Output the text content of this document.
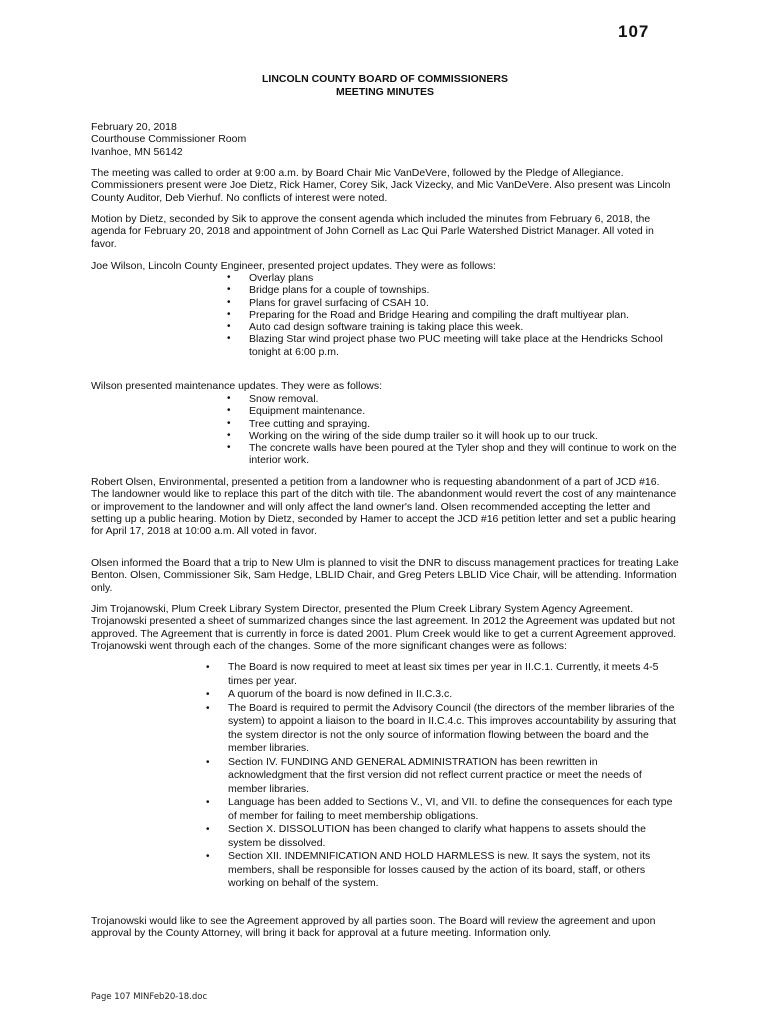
107
LINCOLN COUNTY BOARD OF COMMISSIONERS
MEETING MINUTES

February 20, 2018

Courthouse Commissioner Room

Ivanhoe, MN 56142

The meeting was called to order at 9:00 a.m. by Board Chair Mic VanDeVere, followed by the Pledge of Allegiance. Commissioners present were Joe Dietz, Rick Hamer, Corey Sik, Jack Vizecky, and Mic VanDeVere. Also present was Lincoln County Auditor, Deb Vierhuf. No conflicts of interest were noted.

Motion by Dietz, seconded by Sik to approve the consent agenda which included the minutes from February 6, 2018, the agenda for February 20, 2018 and appointment of John Cornell as Lac Qui Parle Watershed District Manager. All voted in favor.

Joe Wilson, Lincoln County Engineer, presented project updates. They were as follows:

• Overlay plans
• Bridge plans for a couple of townships.
• Plans for gravel surfacing of CSAH 10.
• Preparing for the Road and Bridge Hearing and compiling the draft multiyear plan.
• Auto cad design software training is taking place this week.
• Blazing Star wind project phase two PUC meeting will take place at the Hendricks School tonight at 6:00 p.m.

Wilson presented maintenance updates. They were as follows:

• Snow removal.
• Equipment maintenance.
• Tree cutting and spraying.
• Working on the wiring of the side dump trailer so it will hook up to our truck.
• The concrete walls have been poured at the Tyler shop and they will continue to work on the interior work.

Robert Olsen, Environmental, presented a petition from a landowner who is requesting abandonment of a part of JCD #16. The landowner would like to replace this part of the ditch with tile. The abandonment would revert the cost of any maintenance or improvement to the landowner and will only affect the land owner's land. Olsen recommended accepting the letter and setting up a public hearing. Motion by Dietz, seconded by Hamer to accept the JCD #16 petition letter and set a public hearing for April 17, 2018 at 10:00 a.m. All voted in favor.

Olsen informed the Board that a trip to New Ulm is planned to visit the DNR to discuss management practices for treating Lake Benton. Olsen, Commissioner Sik, Sam Hedge, LBLID Chair, and Greg Peters LBLID Vice Chair, will be attending. Information only.

Jim Trojanowski, Plum Creek Library System Director, presented the Plum Creek Library System Agency Agreement. Trojanowski presented a sheet of summarized changes since the last agreement. In 2012 the Agreement was updated but not approved. The Agreement that is currently in force is dated 2001. Plum Creek would like to get a current Agreement approved. Trojanowski went through each of the changes. Some of the more significant changes were as follows:

• The Board is now required to meet at least six times per year in II.C.1. Currently, it meets 4-5 times per year.
• A quorum of the board is now defined in II.C.3.c.
• The Board is required to permit the Advisory Council (the directors of the member libraries of the system) to appoint a liaison to the board in II.C.4.c. This improves accountability by assuring that the system director is not the only source of information flowing between the board and the member libraries.
• Section IV. FUNDING AND GENERAL ADMINISTRATION has been rewritten in acknowledgment that the first version did not reflect current practice or meet the needs of member libraries.
• Language has been added to Sections V., VI, and VII. to define the consequences for each type of member for failing to meet membership obligations.
• Section X. DISSOLUTION has been changed to clarify what happens to assets should the system be dissolved.
• Section XII. INDEMNIFICATION AND HOLD HARMLESS is new. It says the system, not its members, shall be responsible for losses caused by the action of its board, staff, or others working on behalf of the system.

Trojanowski would like to see the Agreement approved by all parties soon. The Board will review the agreement and upon approval by the County Attorney, will bring it back for approval at a future meeting. Information only.

Page 107 MINFeb20-18.doc
